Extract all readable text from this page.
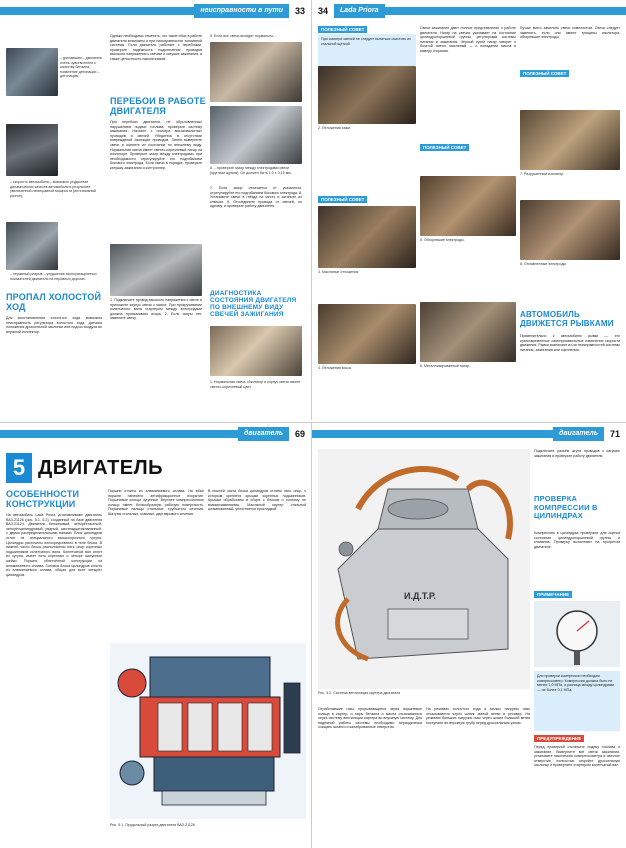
неисправности в пути	33
– догнавшим – двигатель очень чувствителен к качеству бензина, появление детонации – детонацию;
– скорость автомобиля – возможно ухудшение динамических качеств автомобиля в результате увеличенной неисправной мощности (интенсивный разгон);
– неравный разрыв – ухудшение эксплуатационных показателей двигателя на неровных дорогах.
ПРОПАЛ ХОЛОСТОЙ ХОД
Для восстановления холостого хода возможна неисправность регулятора холостого хода, датчика положения дроссельной заслонки или подсос воздуха во впускной коллектор.
Однако необходимо отметить, что такие сбои в работе двигателя возможны и при неисправностях топливной системы. Если двигатель работает с перебоями, проверьте надёжность подключения проводов высокого напряжения к свечам и катушке зажигания, а также целостность наконечников.
ПЕРЕБОИ В РАБОТЕ ДВИГАТЕЛЯ
При перебоях двигателя, не обусловленных нарушением подачи топлива, проверьте систему зажигания. Начните с осмотра высоковольтных проводов и свечей. Убедитесь в отсутствии повреждений изоляции проводов. Затем выверните свечи и оцените их состояние по внешнему виду. Нормальная свеча имеет светло-коричневый нагар на изоляторе. Проверьте зазор между электродами, при необходимости отрегулируйте его подгибанием бокового электрода. Если свечи в порядке, проверьте катушку зажигания и контроллер.
1. Подключите провод высокого напряжения к свече и приложите корпус свечи к массе. При прокручивании коленчатого вала стартером между электродами должна проскакивать искра. 2. Если искры нет, замените свечу.
5. Если все свечи выгядят нормально...
6. ...проверьте зазор между электродами свечи (круглым щупом). Он должен быть 1,0 ± 0,15 мм.
7. Если зазор отличается от указанного, отрегулируйте его подгибанием бокового электрода. 8. Установите свечи в гнёзда на место и затяните их ключом. 9. Отсоедините провода от свечей, по одному, и проверьте работу двигателя.
ДИАГНОСТИКА СОСТОЯНИЯ ДВИГАТЕЛЯ ПО ВНЕШНЕМУ ВИДУ СВЕЧЕЙ ЗАЖИГАНИЯ
1. Нормальная свеча. Изолятор и корпус свечи имеют светло-коричневый цвет.
34	Lada Priora
ПОЛЕЗНЫЙ СОВЕТ
При осмотре свечей не следует пытаться очистить их стальной щёткой.
2. Отложения сажи.
ПОЛЕЗНЫЙ СОВЕТ
3. Масляные отложения.
4. Отложения кокса.
Свечи зажигания дают полное представление о работе двигателя. Нагар на свечах указывает на состояние цилиндропоршневой группы, регулировки системы питания и зажигания. Чёрный сухой нагар говорит о богатой смеси, масляный — о попадании масла в камеру сгорания.
ПОЛЕЗНЫЙ СОВЕТ
5. Обгоревшие электроды.
6. Металлизированный нагар.
Лучше всего заменить свечи комплектом. Свечи следует заменять, если они имеют трещины изолятора, обгоревшие электроды.
ПОЛЕЗНЫЙ СОВЕТ
7. Разрушенный изолятор.
8. Оплавленные электроды.
АВТОМОБИЛЬ ДВИЖЕТСЯ РЫВКАМИ
Применительно к автомобилю рывки — это кратковременные самопроизвольные изменения скорости движения. Рывки возникают из-за неисправностей системы питания, зажигания или сцепления.
двигатель	69
5 ДВИГАТЕЛЬ
ОСОБЕННОСТИ КОНСТРУКЦИИ
На автомобиль Lada Priora устанавливают двигатель ВАЗ-21126 (рис. 5.1, 5.2), созданный на базе двигателя ВАЗ-21124. Двигатель бензиновый, четырёхтактный, четырёхцилиндровый, рядный, шестнадцатиклапанный, с двумя распределительными валами. Блок цилиндров отлит из специального высокопрочного чугуна. Цилиндры расточены непосредственно в теле блока. В нижней части блока расположены пять опор коренных подшипников коленчатого вала. Коленчатый вал отлит из чугуна, имеет пять коренных и четыре шатунные шейки. Поршни облегчённой конструкции из алюминиевого сплава. Головка блока цилиндров отлита из алюминиевого сплава, общая для всех четырёх цилиндров.
Поршни отлиты из алюминиевого сплава. На юбке поршня нанесено антифрикционное покрытие. Поршневые кольца чугунные. Верхнее компрессионное кольцо имеет бочкообразную рабочую поверхность. Поршневые пальцы стальные, трубчатого сечения. Шатуны стальные, кованые, двутаврового сечения.
В нижней части блока цилиндров отлиты пять опор, к которым крепятся крышки коренных подшипников. Крышки обработаны в сборе с блоком и поэтому не взаимозаменяемы. Масляный картер стальной штампованный, уплотняется прокладкой.
Рис. 5.1. Продольный разрез двигателя ВАЗ-21126
двигатель	71
И.Д.Т.Р.
Рис. 5.2. Система вентиляции картера двигателя
Отработавшие газы, прорывающиеся через поршневые кольца в картер, и пары бензина и масла отсасываются через систему вентиляции картера во впускную систему. Для надёжной работы системы необходимо периодически очищать шланги и калиброванные отверстия.
На режимах холостого хода и малых нагрузок газы отсасываются через шланг малой ветви в ресивер. На режимах больших нагрузок газы через шланг большой ветви поступают во впускную трубу перед дроссельным узлом.
Подключите разъём жгута проводов к катушке зажигания и проверьте работу двигателя.
ПРОВЕРКА КОМПРЕССИИ В ЦИЛИНДРАХ
Компрессию в цилиндрах проверяют для оценки состояния цилиндропоршневой группы и клапанов. Проверку выполняют на прогретом двигателе.
ПРИМЕЧАНИЕ
Для проверки компрессии необходим компрессометр. Компрессия должна быть не менее 1,0 МПа, а разница между цилиндрами — не более 0,1 МПа.
ПРЕДУПРЕЖДЕНИЕ
Перед проверкой отключите подачу топлива и зажигание. Выверните все свечи зажигания, установите наконечник компрессометра в свечное отверстие, полностью откройте дроссельную заслонку и проверните стартером коленчатый вал.
